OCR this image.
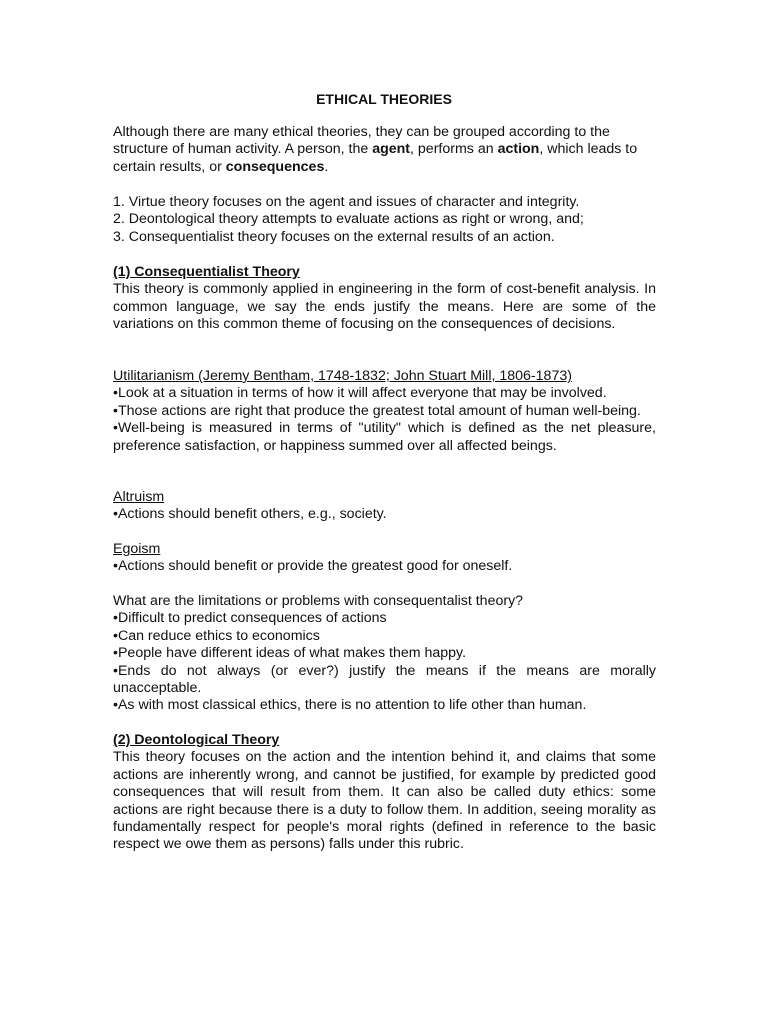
ETHICAL THEORIES

Although there are many ethical theories, they can be grouped according to the structure of human activity. A person, the agent, performs an action, which leads to certain results, or consequences.

1. Virtue theory focuses on the agent and issues of character and integrity.

2. Deontological theory attempts to evaluate actions as right or wrong, and;

3. Consequentialist theory focuses on the external results of an action.

(1) Consequentialist Theory

This theory is commonly applied in engineering in the form of cost-benefit analysis. In common language, we say the ends justify the means. Here are some of the variations on this common theme of focusing on the consequences of decisions.

Utilitarianism (Jeremy Bentham, 1748-1832; John Stuart Mill, 1806-1873)

•Look at a situation in terms of how it will affect everyone that may be involved.

•Those actions are right that produce the greatest total amount of human well-being.

•Well-being is measured in terms of "utility" which is defined as the net pleasure, preference satisfaction, or happiness summed over all affected beings.

Altruism

•Actions should benefit others, e.g., society.

Egoism

•Actions should benefit or provide the greatest good for oneself.

What are the limitations or problems with consequentalist theory?

•Difficult to predict consequences of actions

•Can reduce ethics to economics

•People have different ideas of what makes them happy.

•Ends do not always (or ever?) justify the means if the means are morally unacceptable.

•As with most classical ethics, there is no attention to life other than human.

(2) Deontological Theory

This theory focuses on the action and the intention behind it, and claims that some actions are inherently wrong, and cannot be justified, for example by predicted good consequences that will result from them. It can also be called duty ethics: some actions are right because there is a duty to follow them. In addition, seeing morality as fundamentally respect for people's moral rights (defined in reference to the basic respect we owe them as persons) falls under this rubric.
